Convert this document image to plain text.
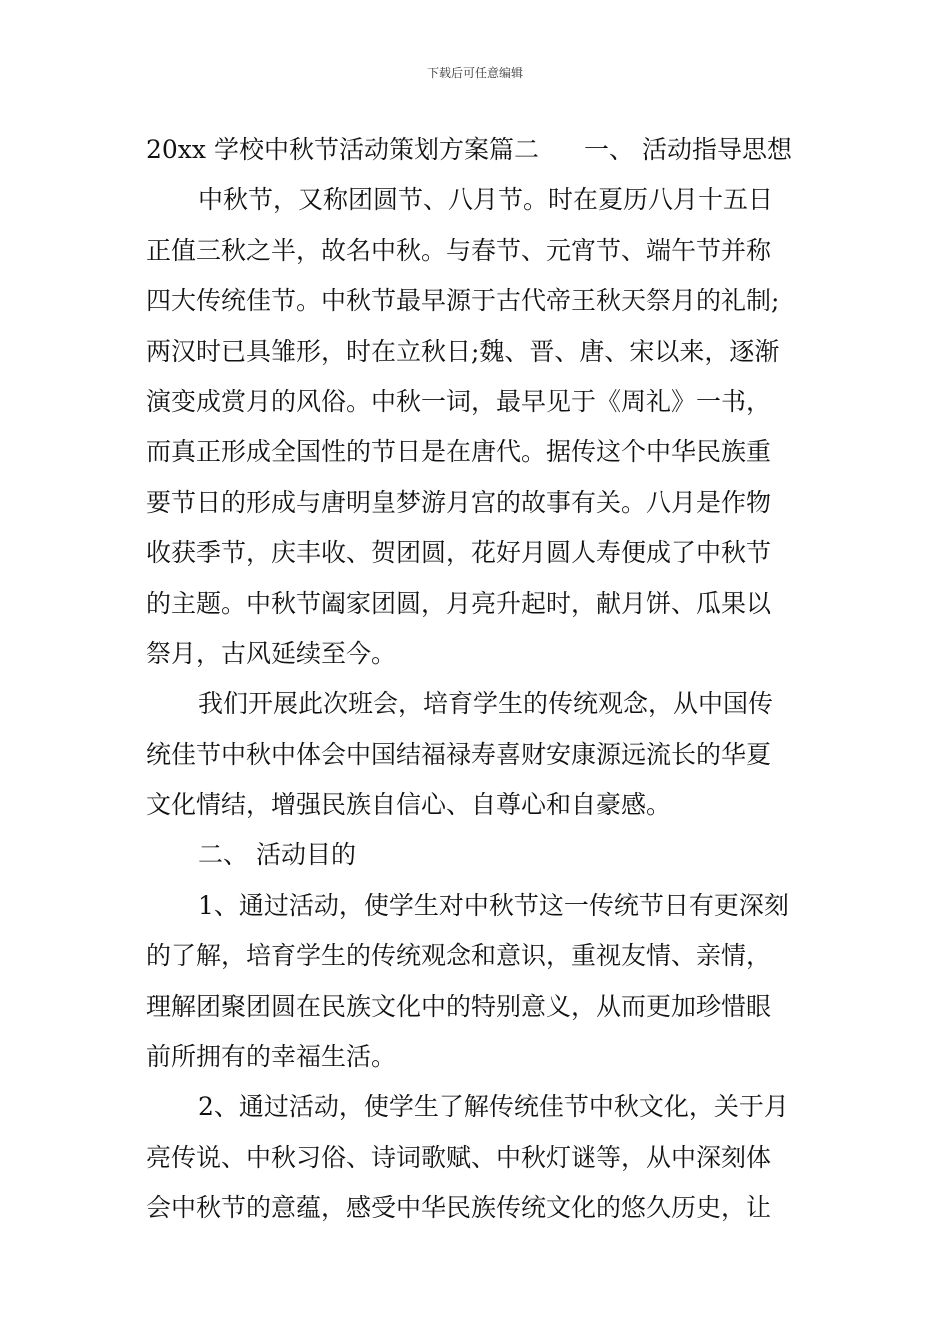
下载后可任意编辑
20xx 学校中秋节活动策划方案篇二 一、 活动指导思想
中秋节，又称团圆节、八月节。时在夏历八月十五日
正值三秋之半，故名中秋。与春节、元宵节、端午节并称
四大传统佳节。中秋节最早源于古代帝王秋天祭月的礼制;
两汉时已具雏形，时在立秋日;魏、晋、唐、宋以来，逐渐
演变成赏月的风俗。中秋一词，最早见于《周礼》一书，
而真正形成全国性的节日是在唐代。据传这个中华民族重
要节日的形成与唐明皇梦游月宫的故事有关。八月是作物
收获季节，庆丰收、贺团圆，花好月圆人寿便成了中秋节
的主题。中秋节阖家团圆，月亮升起时，献月饼、瓜果以
祭月，古风延续至今。
我们开展此次班会，培育学生的传统观念，从中国传
统佳节中秋中体会中国结福禄寿喜财安康源远流长的华夏
文化情结，增强民族自信心、自尊心和自豪感。
二、 活动目的
1、通过活动，使学生对中秋节这一传统节日有更深刻
的了解，培育学生的传统观念和意识，重视友情、亲情，
理解团聚团圆在民族文化中的特别意义，从而更加珍惜眼
前所拥有的幸福生活。
2、通过活动，使学生了解传统佳节中秋文化，关于月
亮传说、中秋习俗、诗词歌赋、中秋灯谜等，从中深刻体
会中秋节的意蕴，感受中华民族传统文化的悠久历史，让
